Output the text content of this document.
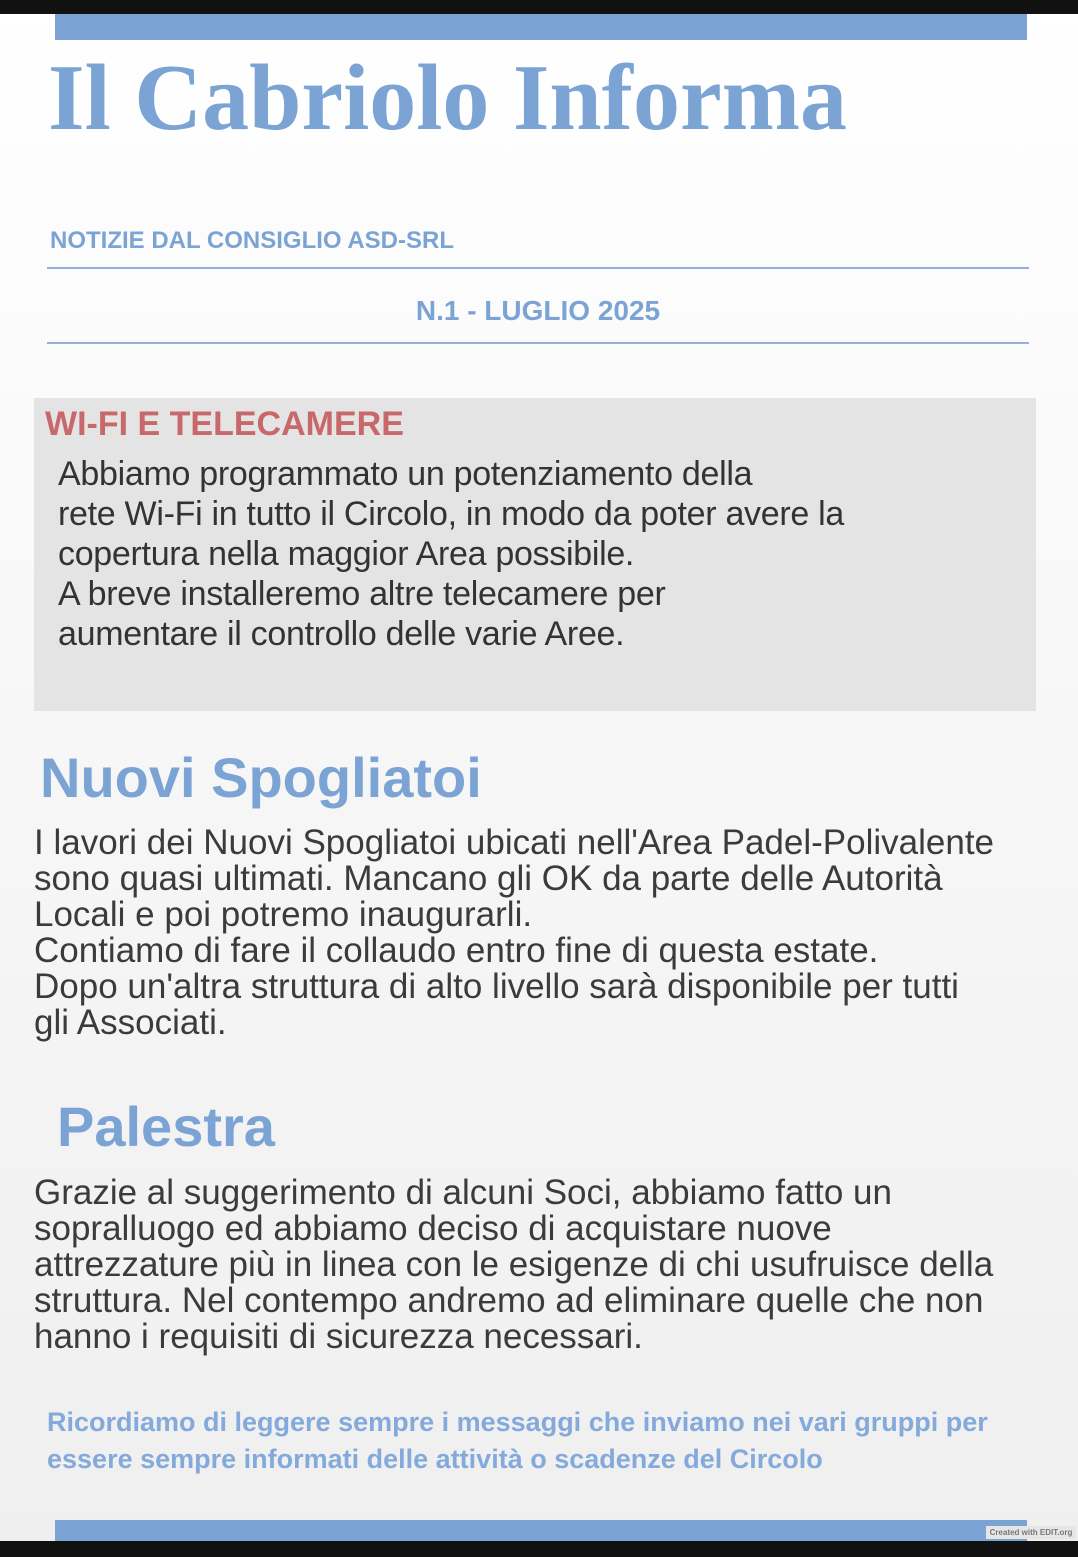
Il Cabriolo Informa
NOTIZIE DAL CONSIGLIO ASD-SRL
N.1 - LUGLIO 2025
WI-FI E TELECAMERE
Abbiamo programmato un potenziamento della
rete Wi-Fi in tutto il Circolo, in modo da poter avere la
copertura nella maggior Area possibile.
A breve installeremo altre telecamere per
aumentare il controllo delle varie Aree.
Nuovi Spogliatoi
I lavori dei Nuovi Spogliatoi ubicati nell'Area Padel-Polivalente
sono quasi ultimati. Mancano gli OK da parte delle Autorità
Locali e poi potremo inaugurarli.
Contiamo di fare il collaudo entro fine di questa estate.
Dopo un'altra struttura di alto livello sarà disponibile per tutti
gli Associati.
Palestra
Grazie al suggerimento di alcuni Soci, abbiamo fatto un
sopralluogo ed abbiamo deciso di acquistare nuove
attrezzature più in linea con le esigenze di chi usufruisce della
struttura. Nel contempo andremo ad eliminare quelle che non
hanno i requisiti di sicurezza necessari.
Ricordiamo di leggere sempre i messaggi che inviamo nei vari gruppi per
essere sempre informati delle attività o scadenze del Circolo
Created with EDIT.org
